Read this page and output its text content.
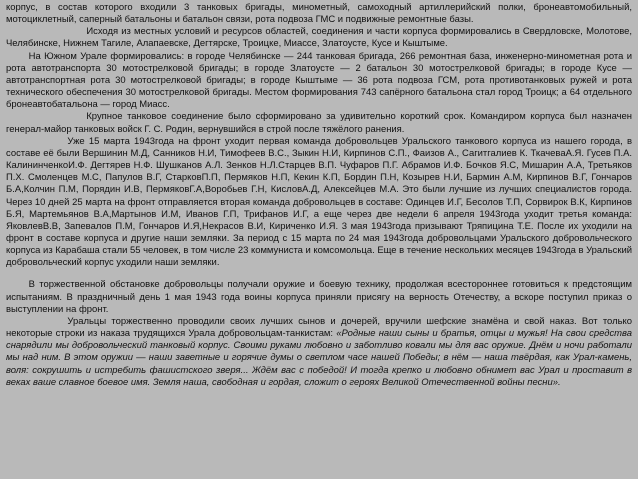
корпус, в состав которого входили 3 танковых бригады, минометный, самоходный артиллерийский полки, бронеавтомобильный, мотоциклетный, саперный батальоны и батальон связи, рота подвоза ГМС и подвижные ремонтные базы.

Исходя из местных условий и ресурсов областей, соединения и части корпуса формировались в Свердловске, Молотове, Челябинске, Нижнем Тагиле, Алапаевске, Дегтярске, Троицке, Миассе, Златоусте, Кусе и Кыштыме.

На Южном Урале формировались: в городе Челябинске — 244 танковая бригада, 266 ремонтная база, инженерно-минометная рота и рота автотранспорта 30 мотострелковой бригады; в городе Златоусте — 2 батальон 30 мотострелковой бригады; в городе Кусе — автотранспортная рота 30 мотострелковой бригады; в городе Кыштыме — 36 рота подвоза ГСМ, рота противотанковых ружей и рота технического обеспечения 30 мотострелковой бригады. Местом формирования 743 сапёрного батальона стал город Троицк; а 64 отдельного бронеавтобатальона — город Миасс.

Крупное танковое соединение было сформировано за удивительно короткий срок. Командиром корпуса был назначен генерал-майор танковых войск Г. С. Родин, вернувшийся в строй после тяжёлого ранения.

Уже 15 марта 1943года на фронт уходит первая команда добровольцев Уральского танкового корпуса из нашего города, в составе её были Вершинин М.Д, Санников Н.И, Тимофеев В.С., Зыкин Н.И, Кирпинов С.П., Фаизов А., Сагитгалиев К. ТкачеваА.Я. Гусев П.А. КалининченкоИ.Ф. Дегтярев Н.Ф. Шушканов А.Л. Зенков Н.Л.Старцев В.П. Чуфаров П.Г. Абрамов И.Ф. Бочков Я.С, Мишарин А.А, Третьяков П.Х. Смоленцев М.С, Папулов В.Г, СтарковП.П, Пермяков Н.П, Кекин К.П, Бордин П.Н, Козырев Н.И, Бармин А.М, Кирпинов В.Г, Гончаров Б.А,Колчин П.М, Порядин И.В, ПермяковГ.А,Воробьев Г.Н, КисловА.Д, Алексейцев М.А. Это были лучшие из лучших специалистов города. Через 10 дней 25 марта на фронт отправляется вторая команда добровольцев в составе: Одинцев И.Г, Бесолов Т.П, Сорвирок В.К, Кирпинов Б.Я, Мартемьянов В.А,Мартынов И.М, Иванов Г.П, Трифанов И.Г, а еще через две недели 6 апреля 1943года уходит третья команда: ЯковлевВ.В, Запевалов П.М, Гончаров И.Я,Некрасов В.И, Кириченко И.Я. 3 мая 1943года призывают Тряпицина Т.Е. После их уходили на фронт в составе корпуса и другие наши земляки. За период с 15 марта по 24 мая 1943года добровольцами Уральского добровольческого корпуса из Карабаша стали 55 человек, в том числе 23 коммуниста и комсомольца. Еще в течение нескольких месяцев 1943года в Уральский добровольческий корпус уходили наши земляки.

В торжественной обстановке добровольцы получали оружие и боевую технику, продолжая всестороннее готовиться к предстоящим испытаниям. В праздничный день 1 мая 1943 года воины корпуса приняли присягу на верность Отечеству, а вскоре поступил приказ о выступлении на фронт.

Уральцы торжественно проводили своих лучших сынов и дочерей, вручили шефские знамёна и свой наказ. Вот только некоторые строки из наказа трудящихся Урала добровольцам-танкистам: «Родные наши сыны и братья, отцы и мужья! На свои средства снарядили мы добровольческий танковый корпус. Своими руками любовно и заботливо ковали мы для вас оружие. Днём и ночи работали мы над ним. В этом оружии — наши заветные и горячие думы о светлом часе нашей Победы; в нём — наша твёрдая, как Урал-камень, воля: сокрушить и истребить фашистского зверя... Ждём вас с победой! И тогда крепко и любовно обнимет вас Урал и проставит в веках ваше славное боевое имя. Земля наша, свободная и гордая, сложит о героях Великой Отечественной войны песни».
